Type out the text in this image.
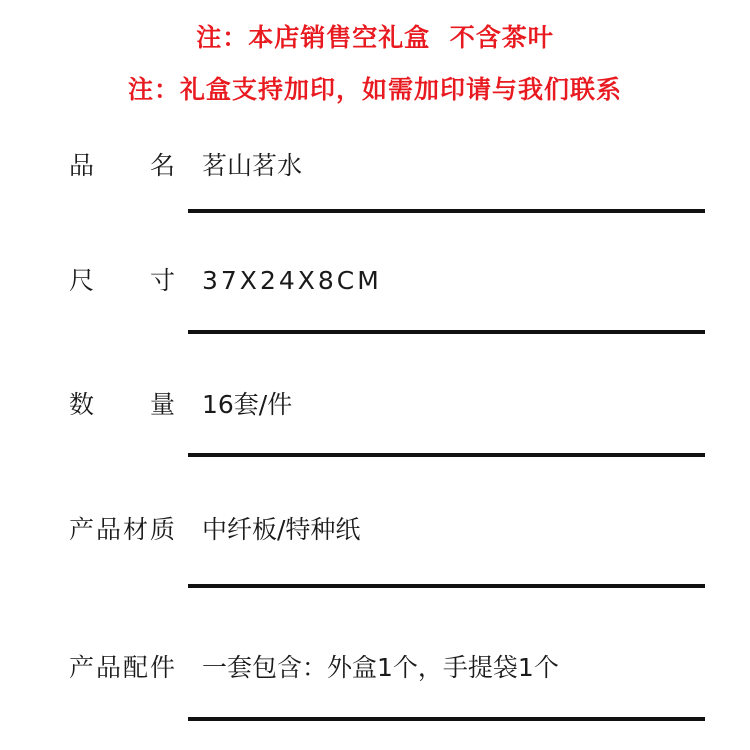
注：本店销售空礼盒  不含茶叶
注：礼盒支持加印，如需加印请与我们联系
品 名 茗山茗水
尺 寸 37X24X8CM
数 量 16套/件
产 品 材 质 中纤板/特种纸
产 品 配 件 一套包含：外盒1个，手提袋1个
